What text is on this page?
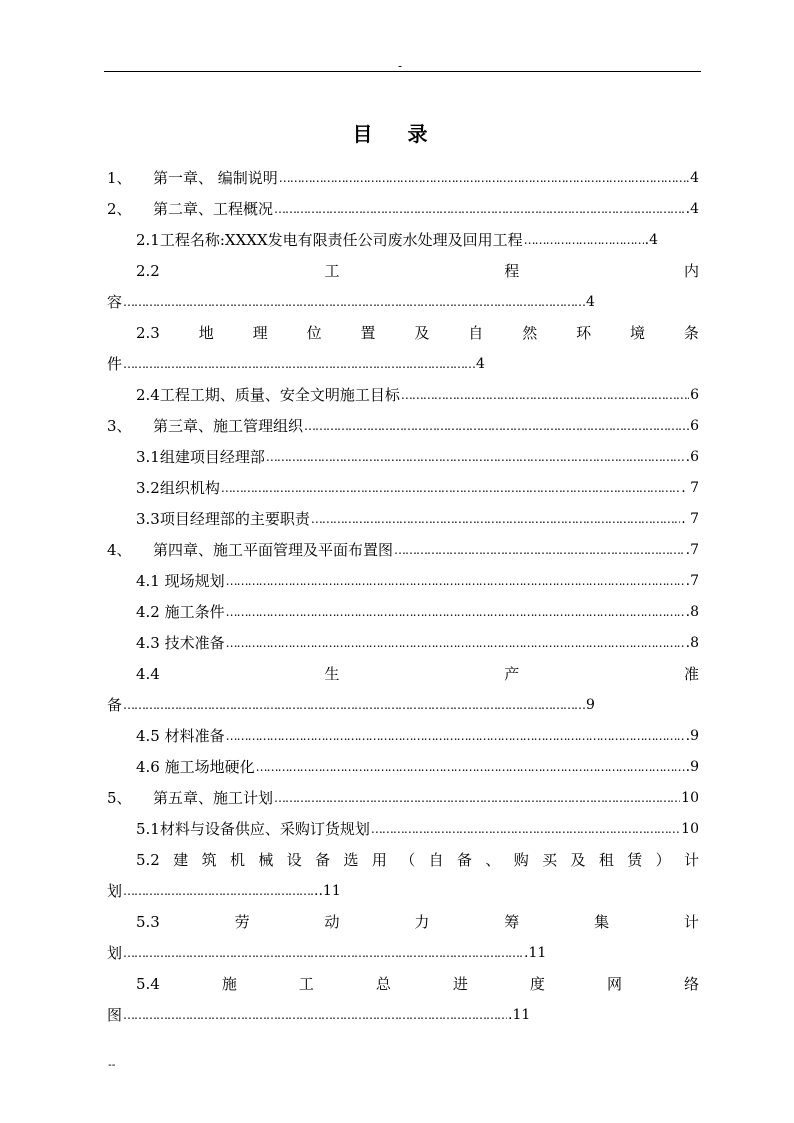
-
目 录
1、	第一章、 编制说明 ……………………………………………………………………………………………………………………………………………………………………………………………………………………………………	4
2、	第二章、工程概况 ……………………………………………………………………………………………………………………………………………………………………………………………………………………………………	.4
2.1工程名称:XXXX发电有限责任公司废水处理及回用工程 ……………………………………………………………………………………………………………………………………………………………………………………………………………………………………	.4
2.2	工	程	内
容 ……………………………………………………………………………………………………………………………………………………………………………………………………………………………………	4
2.3	地	理	位	置	及	自	然	环	境	条
件 ……………………………………………………………………………………………………………………………………………………………………………………………………………………………………	4
2.4工程工期、质量、安全文明施工目标 ……………………………………………………………………………………………………………………………………………………………………………………………………………………………………	6
3、	第三章、施工管理组织 ……………………………………………………………………………………………………………………………………………………………………………………………………………………………………	6
3.1组建项目经理部 ……………………………………………………………………………………………………………………………………………………………………………………………………………………………………	.6
3.2组织机构 ……………………………………………………………………………………………………………………………………………………………………………………………………………………………………	. 7
3.3项目经理部的主要职责 ……………………………………………………………………………………………………………………………………………………………………………………………………………………………………	. 7
4、	第四章、施工平面管理及平面布置图 ……………………………………………………………………………………………………………………………………………………………………………………………………………………………………	.7
4.1 现场规划 ……………………………………………………………………………………………………………………………………………………………………………………………………………………………………	.7
4.2 施工条件 ……………………………………………………………………………………………………………………………………………………………………………………………………………………………………	.8
4.3 技术准备 ……………………………………………………………………………………………………………………………………………………………………………………………………………………………………	.8
4.4	生	产	准
备 ……………………………………………………………………………………………………………………………………………………………………………………………………………………………………	9
4.5 材料准备 ……………………………………………………………………………………………………………………………………………………………………………………………………………………………………	.9
4.6 施工场地硬化 ……………………………………………………………………………………………………………………………………………………………………………………………………………………………………	.9
5、	第五章、施工计划 ……………………………………………………………………………………………………………………………………………………………………………………………………………………………………	10
5.1材料与设备供应、采购订货规划 ……………………………………………………………………………………………………………………………………………………………………………………………………………………………………	10
5.2 建 筑 机 械 设 备 选 用 （ 自 备 、 购 买 及 租 赁 ） 计
划 ……………………………………………………………………………………………………………………………………………………………………………………………………………………………………	..11
5.3	劳	动	力	筹	集	计
划 ……………………………………………………………………………………………………………………………………………………………………………………………………………………………………	.11
5.4	施	工	总	进	度	网	络
图 ……………………………………………………………………………………………………………………………………………………………………………………………………………………………………	.11
--
